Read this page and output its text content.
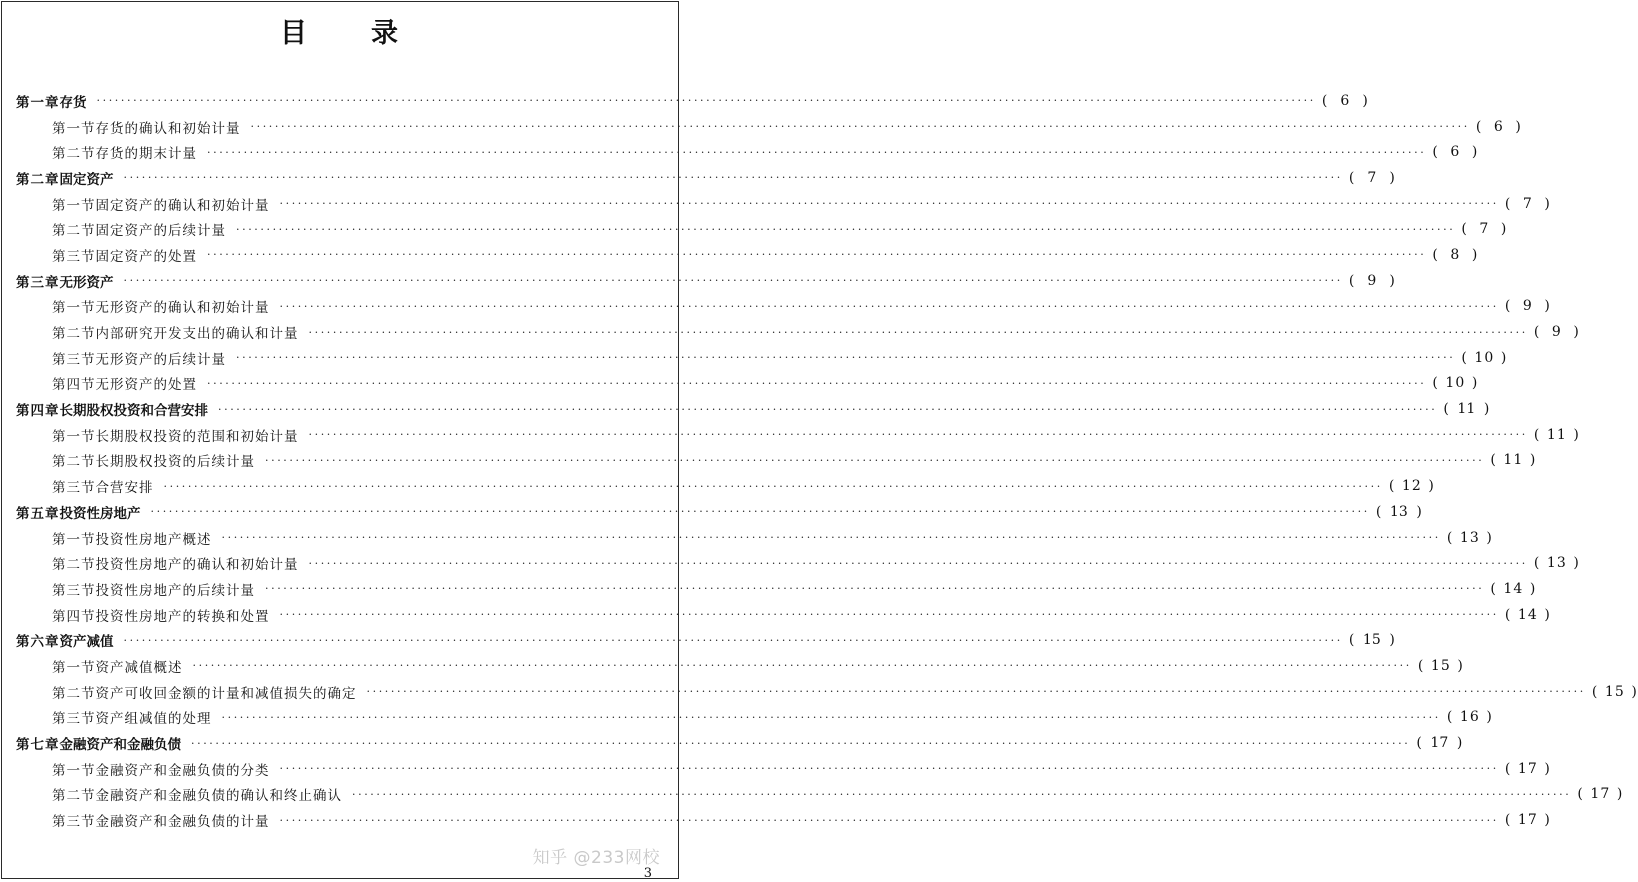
目 录
第一章 存货 ········································································································································································································ ( 6 )
第一节 存货的确认和初始计量 ········································································································································································································ ( 6 )
第二节 存货的期末计量 ········································································································································································································ ( 6 )
第二章 固定资产 ········································································································································································································ ( 7 )
第一节 固定资产的确认和初始计量 ········································································································································································································ ( 7 )
第二节 固定资产的后续计量 ········································································································································································································ ( 7 )
第三节 固定资产的处置 ········································································································································································································ ( 8 )
第三章 无形资产 ········································································································································································································ ( 9 )
第一节 无形资产的确认和初始计量 ········································································································································································································ ( 9 )
第二节 内部研究开发支出的确认和计量 ········································································································································································································ ( 9 )
第三节 无形资产的后续计量 ········································································································································································································ ( 10 )
第四节 无形资产的处置 ········································································································································································································ ( 10 )
第四章 长期股权投资和合营安排 ········································································································································································································ ( 11 )
第一节 长期股权投资的范围和初始计量 ········································································································································································································ ( 11 )
第二节 长期股权投资的后续计量 ········································································································································································································ ( 11 )
第三节 合营安排 ········································································································································································································ ( 12 )
第五章 投资性房地产 ········································································································································································································ ( 13 )
第一节 投资性房地产概述 ········································································································································································································ ( 13 )
第二节 投资性房地产的确认和初始计量 ········································································································································································································ ( 13 )
第三节 投资性房地产的后续计量 ········································································································································································································ ( 14 )
第四节 投资性房地产的转换和处置 ········································································································································································································ ( 14 )
第六章 资产减值 ········································································································································································································ ( 15 )
第一节 资产减值概述 ········································································································································································································ ( 15 )
第二节 资产可收回金额的计量和减值损失的确定 ········································································································································································································ ( 15 )
第三节 资产组减值的处理 ········································································································································································································ ( 16 )
第七章 金融资产和金融负债 ········································································································································································································ ( 17 )
第一节 金融资产和金融负债的分类 ········································································································································································································ ( 17 )
第二节 金融资产和金融负债的确认和终止确认 ········································································································································································································ ( 17 )
第三节 金融资产和金融负债的计量 ········································································································································································································ ( 17 )
3
知乎 @233网校
